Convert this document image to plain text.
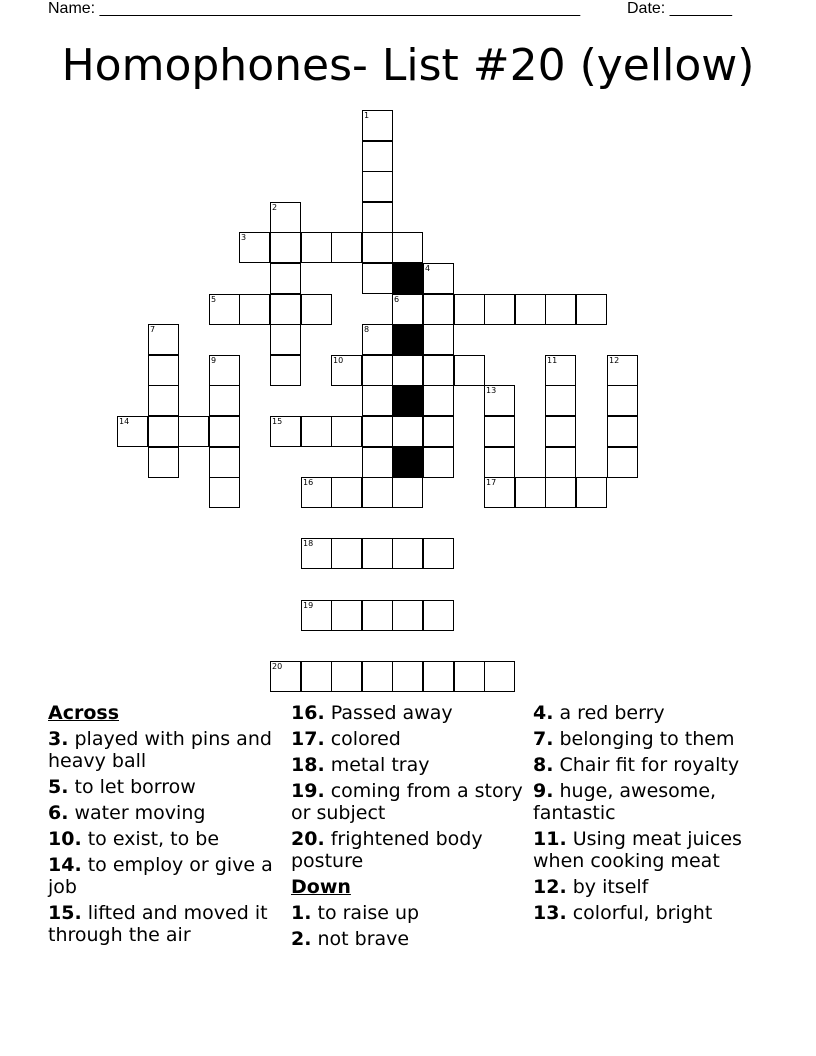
Name: ______________________________________________________	Date: _______
Homophones- List #20 (yellow)
1
2
3
4
5	6
7	8
9	10	11	12
13
14	15
16	17
18
19
20
Across
3. played with pins and heavy ball
5. to let borrow
6. water moving
10. to exist, to be
14. to employ or give a job
15. lifted and moved it through the air
16. Passed away
17. colored
18. metal tray
19. coming from a story or subject
20. frightened body posture
Down
1. to raise up
2. not brave
4. a red berry
7. belonging to them
8. Chair fit for royalty
9. huge, awesome, fantastic
11. Using meat juices when cooking meat
12. by itself
13. colorful, bright
